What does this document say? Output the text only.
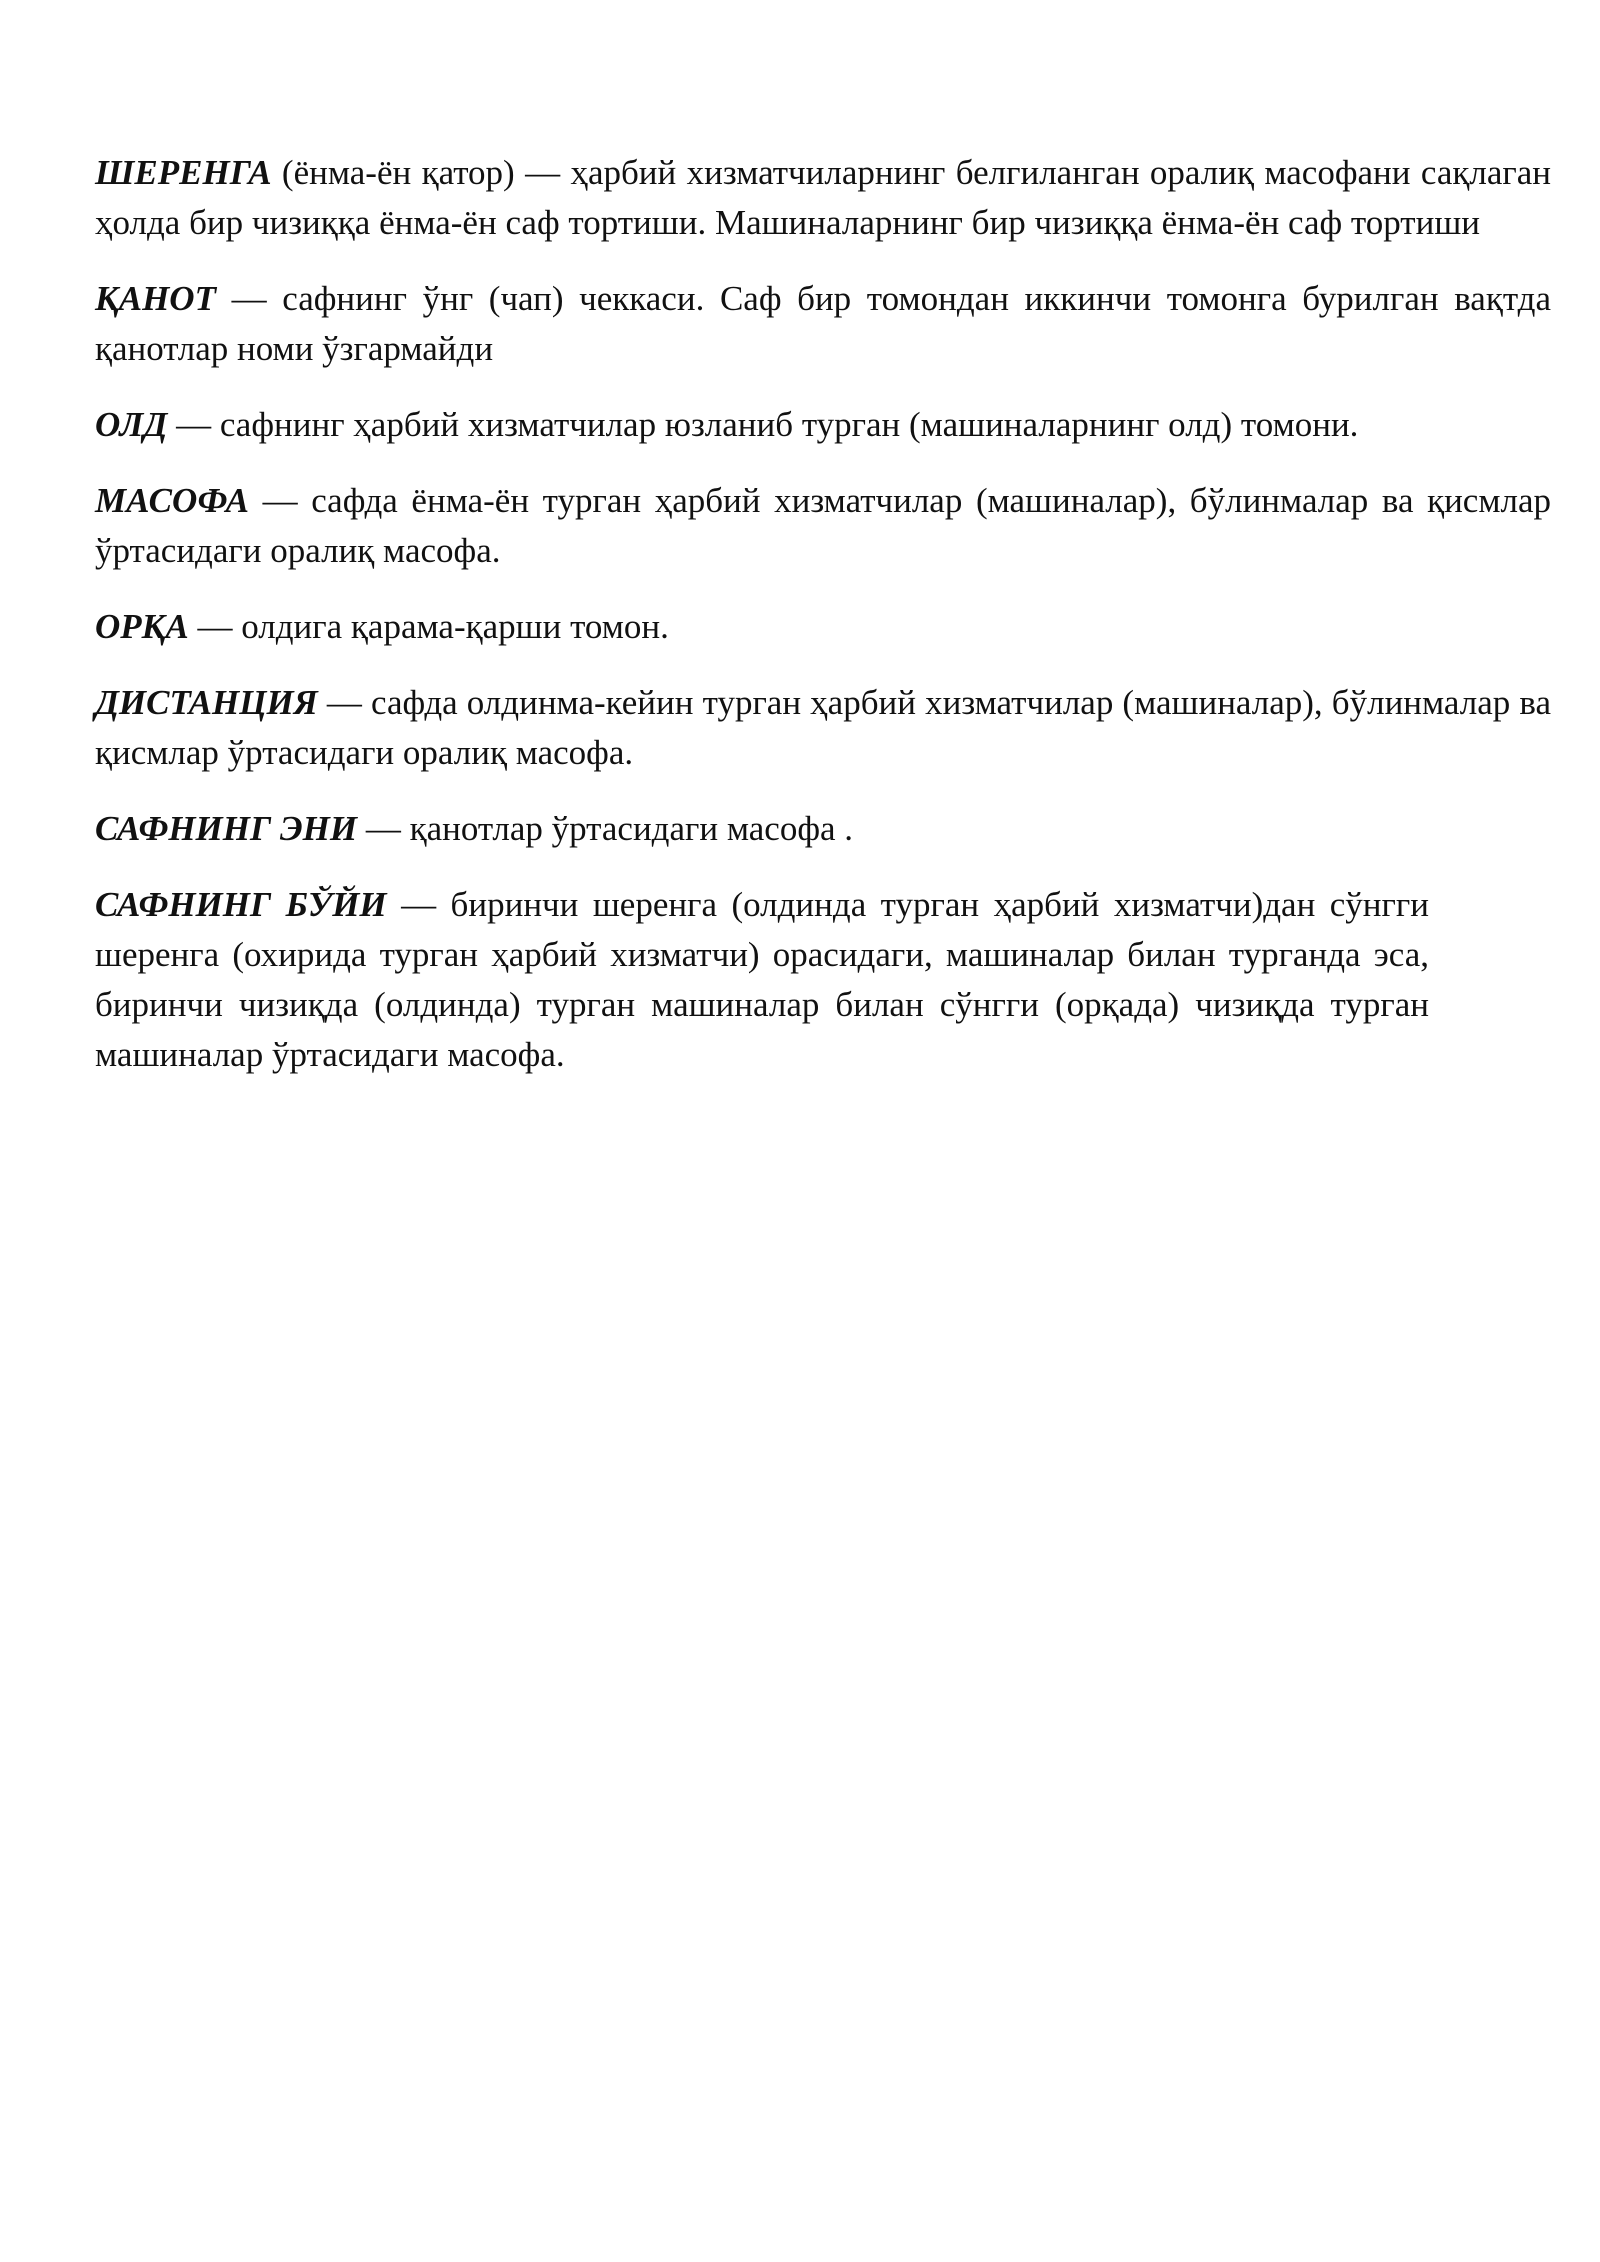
ШЕРЕНГА (ёнма-ён қатор) — ҳарбий хизматчиларнинг белгиланган оралиқ масофани сақлаган ҳолда бир чизиққа ёнма-ён саф тортиши. Машиналарнинг бир чизиққа ёнма-ён саф тортиши

ҚАНОТ — сафнинг ўнг (чап) чеккаси. Саф бир томондан иккинчи томонга бурилган вақтда қанотлар номи ўзгармайди

ОЛД — сафнинг ҳарбий хизматчилар юзланиб турган (машиналарнинг олд) томони.

МАСОФА — сафда ёнма-ён турган ҳарбий хизматчилар (машиналар), бўлинмалар ва қисмлар ўртасидаги оралиқ масофа.

ОРҚА — олдига қарама-қарши томон.

ДИСТАНЦИЯ — сафда олдинма-кейин турган ҳарбий хизматчилар (машиналар), бўлинмалар ва қисмлар ўртасидаги оралиқ масофа.

САФНИНГ ЭНИ — қанотлар ўртасидаги масофа .

САФНИНГ БЎЙИ — биринчи шеренга (олдинда турган ҳарбий хизматчи)дан сўнгги шеренга (охирида турган ҳарбий хизматчи) орасидаги, машиналар билан турганда эса, биринчи чизиқда (олдинда) турган машиналар билан сўнгги (орқада) чизиқда турган машиналар ўртасидаги масофа.
